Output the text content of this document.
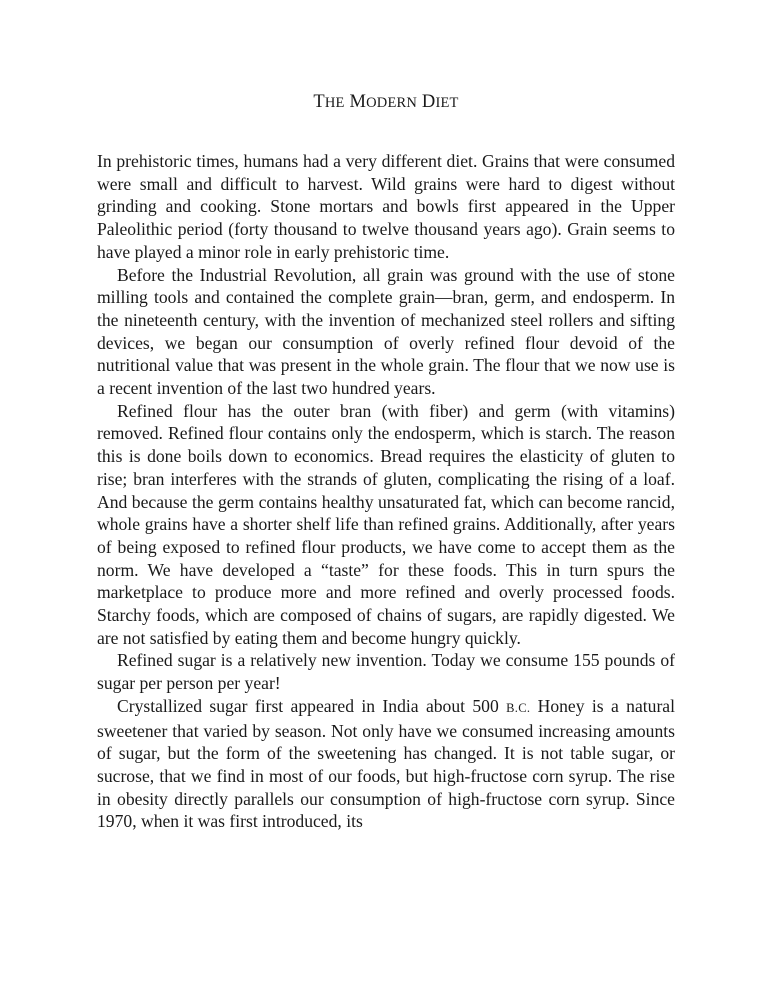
THE MODERN DIET

In prehistoric times, humans had a very different diet. Grains that were consumed were small and difficult to harvest. Wild grains were hard to digest without grinding and cooking. Stone mortars and bowls first appeared in the Upper Paleolithic period (forty thousand to twelve thousand years ago). Grain seems to have played a minor role in early prehistoric time.

Before the Industrial Revolution, all grain was ground with the use of stone milling tools and contained the complete grain—bran, germ, and endosperm. In the nineteenth century, with the invention of mechanized steel rollers and sifting devices, we began our consumption of overly refined flour devoid of the nutritional value that was present in the whole grain. The flour that we now use is a recent invention of the last two hundred years.

Refined flour has the outer bran (with fiber) and germ (with vitamins) removed. Refined flour contains only the endosperm, which is starch. The reason this is done boils down to economics. Bread requires the elasticity of gluten to rise; bran interferes with the strands of gluten, complicating the rising of a loaf. And because the germ contains healthy unsaturated fat, which can become rancid, whole grains have a shorter shelf life than refined grains. Additionally, after years of being exposed to refined flour products, we have come to accept them as the norm. We have developed a “taste” for these foods. This in turn spurs the marketplace to produce more and more refined and overly processed foods. Starchy foods, which are composed of chains of sugars, are rapidly digested. We are not satisfied by eating them and become hungry quickly.

Refined sugar is a relatively new invention. Today we consume 155 pounds of sugar per person per year!

Crystallized sugar first appeared in India about 500 B.C. Honey is a natural sweetener that varied by season. Not only have we consumed increasing amounts of sugar, but the form of the sweetening has changed. It is not table sugar, or sucrose, that we find in most of our foods, but high-fructose corn syrup. The rise in obesity directly parallels our consumption of high-fructose corn syrup. Since 1970, when it was first introduced, its
